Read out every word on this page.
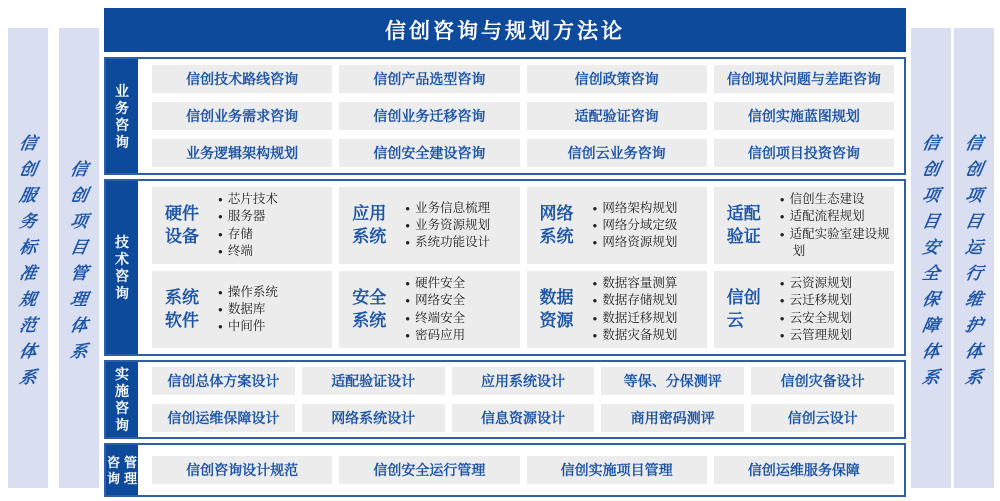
信
创
服
务
标
准
规
范
体
系
信
创
项
目
管
理
体
系
信
创
项
目
安
全
保
障
体
系
信
创
项
目
运
行
维
护
体
系
信创咨询与规划方法论
业
务
咨
询
信创技术路线咨询	信创产品选型咨询	信创政策咨询	信创现状问题与差距咨询
信创业务需求咨询	信创业务迁移咨询	适配验证咨询	信创实施蓝图规划
业务逻辑架构规划	信创安全建设咨询	信创云业务咨询	信创项目投资咨询
技
术
咨
询
硬件设备
● 芯片技术
● 服务器
● 存储
● 终端
应用系统
● 业务信息梳理
● 业务资源规划
● 系统功能设计
网络系统
● 网络架构规划
● 网络分域定级
● 网络资源规划
适配验证
● 信创生态建设
● 适配流程规划
● 适配实验室建设规划
系统软件
● 操作系统
● 数据库
● 中间件
安全系统
● 硬件安全
● 网络安全
● 终端安全
● 密码应用
数据资源
● 数据容量测算
● 数据存储规划
● 数据迁移规划
● 数据灾备规划
信创云
● 云资源规划
● 云迁移规划
● 云安全规划
● 云管理规划
实
施
咨
询
信创总体方案设计	适配验证设计	应用系统设计	等保、分保测评	信创灾备设计
信创运维保障设计	网络系统设计	信息资源设计	商用密码测评	信创云设计
咨
询
管
理	信创咨询设计规范	信创安全运行管理	信创实施项目管理	信创运维服务保障
